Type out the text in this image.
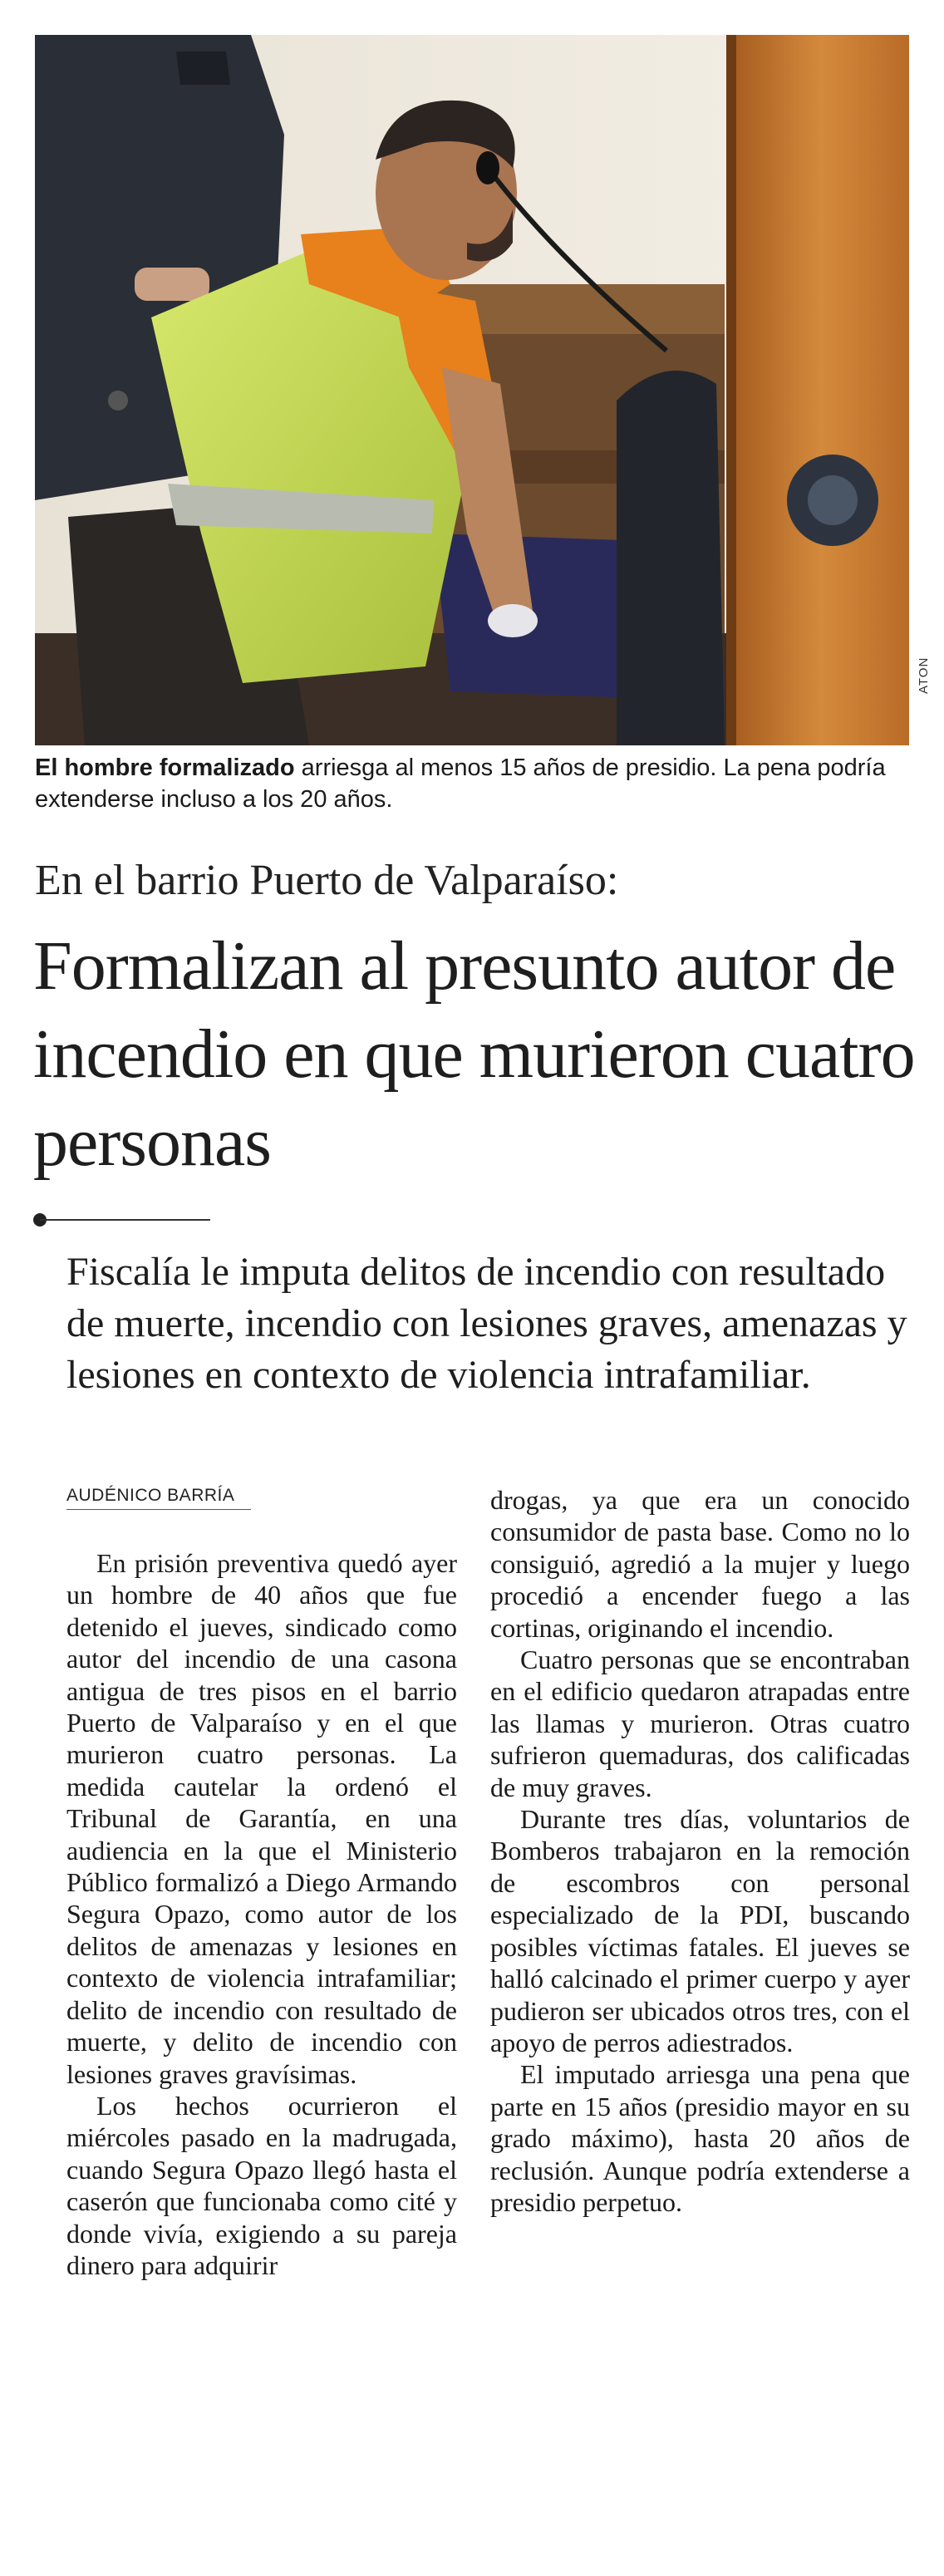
ATON
El hombre formalizado arriesga al menos 15 años de presidio. La pena podría extenderse incluso a los 20 años.
En el barrio Puerto de Valparaíso:
Formalizan al presunto autor de incendio en que murieron cuatro personas
Fiscalía le imputa delitos de incendio con resultado de muerte, incendio con lesiones graves, amenazas y lesiones en contexto de violencia intrafamiliar.
AUDÉNICO BARRÍA

En prisión preventiva quedó ayer un hombre de 40 años que fue detenido el jueves, sindicado como autor del incendio de una casona antigua de tres pisos en el barrio Puerto de Valparaíso y en el que murieron cuatro personas. La medida cautelar la ordenó el Tribunal de Garantía, en una audiencia en la que el Ministerio Público formalizó a Diego Armando Segura Opazo, como autor de los delitos de amenazas y lesiones en contexto de violencia intrafamiliar; delito de incendio con resultado de muerte, y delito de incendio con lesiones graves gravísimas.

Los hechos ocurrieron el miércoles pasado en la madrugada, cuando Segura Opazo llegó hasta el caserón que funcionaba como cité y donde vivía, exigiendo a su pareja dinero para adquirir

drogas, ya que era un conocido consumidor de pasta base. Como no lo consiguió, agredió a la mujer y luego procedió a encender fuego a las cortinas, originando el incendio.

Cuatro personas que se encontraban en el edificio quedaron atrapadas entre las llamas y murieron. Otras cuatro sufrieron quemaduras, dos calificadas de muy graves.

Durante tres días, voluntarios de Bomberos trabajaron en la remoción de escombros con personal especializado de la PDI, buscando posibles víctimas fatales. El jueves se halló calcinado el primer cuerpo y ayer pudieron ser ubicados otros tres, con el apoyo de perros adiestrados.

El imputado arriesga una pena que parte en 15 años (presidio mayor en su grado máximo), hasta 20 años de reclusión. Aunque podría extenderse a presidio perpetuo.
